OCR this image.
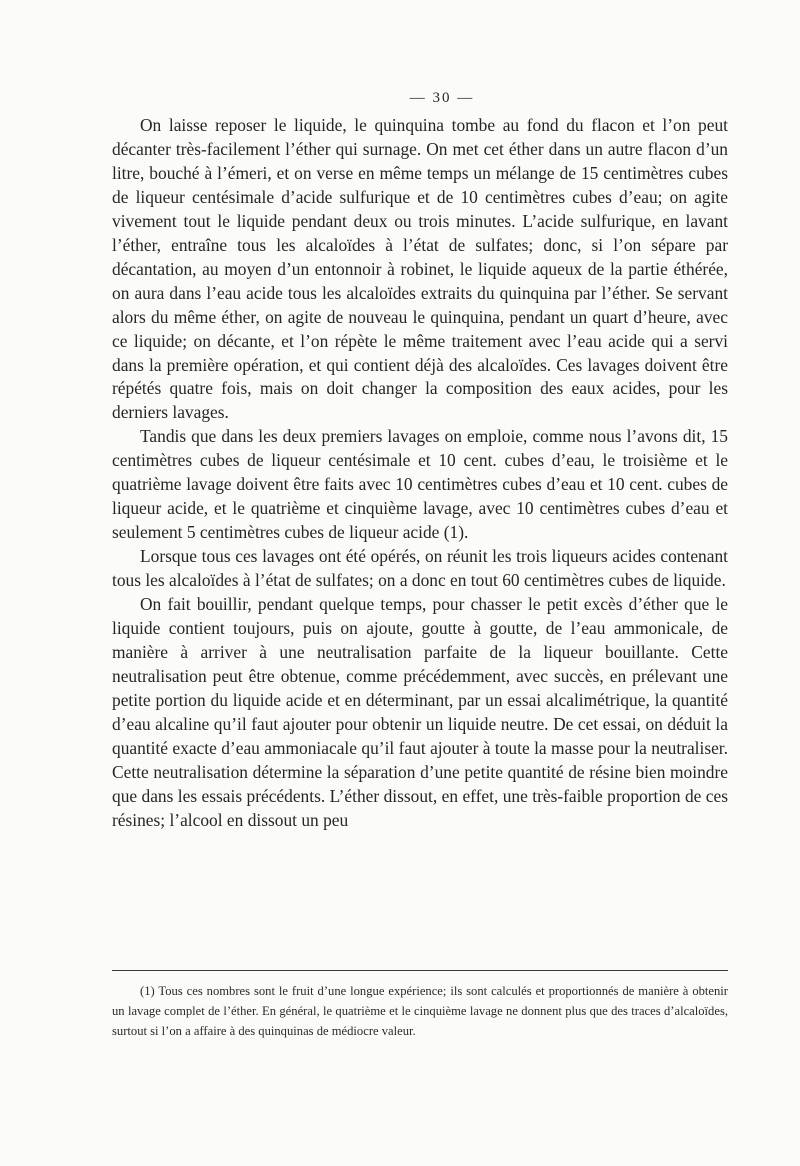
— 30 —

On laisse reposer le liquide, le quinquina tombe au fond du flacon et l’on peut décanter très-facilement l’éther qui surnage. On met cet éther dans un autre flacon d’un litre, bouché à l’émeri, et on verse en même temps un mélange de 15 centimètres cubes de liqueur centésimale d’acide sulfurique et de 10 centimètres cubes d’eau; on agite vivement tout le liquide pendant deux ou trois minutes. L’acide sulfurique, en lavant l’éther, entraîne tous les alcaloïdes à l’état de sulfates; donc, si l’on sépare par décantation, au moyen d’un entonnoir à robinet, le liquide aqueux de la partie éthérée, on aura dans l’eau acide tous les alcaloïdes extraits du quinquina par l’éther. Se servant alors du même éther, on agite de nouveau le quinquina, pendant un quart d’heure, avec ce liquide; on décante, et l’on répète le même traitement avec l’eau acide qui a servi dans la première opération, et qui contient déjà des alcaloïdes. Ces lavages doivent être répétés quatre fois, mais on doit changer la composition des eaux acides, pour les derniers lavages.

Tandis que dans les deux premiers lavages on emploie, comme nous l’avons dit, 15 centimètres cubes de liqueur centésimale et 10 cent. cubes d’eau, le troisième et le quatrième lavage doivent être faits avec 10 centimètres cubes d’eau et 10 cent. cubes de liqueur acide, et le quatrième et cinquième lavage, avec 10 centimètres cubes d’eau et seulement 5 centimètres cubes de liqueur acide (1).

Lorsque tous ces lavages ont été opérés, on réunit les trois liqueurs acides contenant tous les alcaloïdes à l’état de sulfates; on a donc en tout 60 centimètres cubes de liquide.

On fait bouillir, pendant quelque temps, pour chasser le petit excès d’éther que le liquide contient toujours, puis on ajoute, goutte à goutte, de l’eau ammonicale, de manière à arriver à une neutralisation parfaite de la liqueur bouillante. Cette neutralisation peut être obtenue, comme précédemment, avec succès, en prélevant une petite portion du liquide acide et en déterminant, par un essai alcalimétrique, la quantité d’eau alcaline qu’il faut ajouter pour obtenir un liquide neutre. De cet essai, on déduit la quantité exacte d’eau ammoniacale qu’il faut ajouter à toute la masse pour la neutraliser. Cette neutralisation détermine la séparation d’une petite quantité de résine bien moindre que dans les essais précédents. L’éther dissout, en effet, une très-faible proportion de ces résines; l’alcool en dissout un peu

(1) Tous ces nombres sont le fruit d’une longue expérience; ils sont calculés et proportionnés de manière à obtenir un lavage complet de l’éther. En général, le quatrième et le cinquième lavage ne donnent plus que des traces d’alcaloïdes, surtout si l’on a affaire à des quinquinas de médiocre valeur.
